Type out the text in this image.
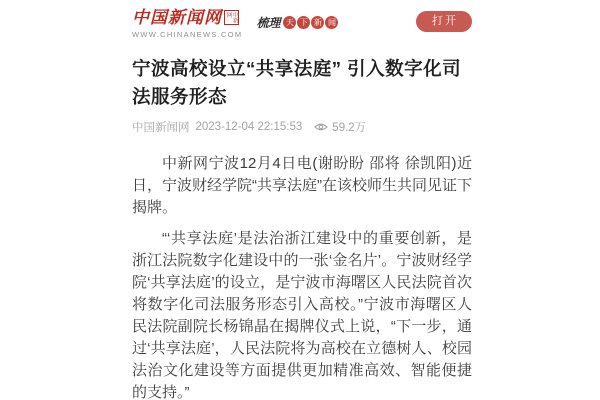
中国新闻网	中新网
WWW.CHINANEWS.COM
梳理 天 下 新 闻	打开
宁波高校设立“共享法庭” 引入数字化司法服务形态
中国新闻网 2023-12-04 22:15:53	59.2万

中新网宁波12月4日电(谢盼盼 邵将 徐凯阳)近日，宁波财经学院“共享法庭”在该校师生共同见证下揭牌。

“‘共享法庭’是法治浙江建设中的重要创新，是浙江法院数字化建设中的一张‘金名片’。宁波财经学院‘共享法庭’的设立，是宁波市海曙区人民法院首次将数字化司法服务形态引入高校。”宁波市海曙区人民法院副院长杨锦晶在揭牌仪式上说，“下一步，通过‘共享法庭’，人民法院将为高校在立德树人、校园法治文化建设等方面提供更加精准高效、智能便捷的支持。”
